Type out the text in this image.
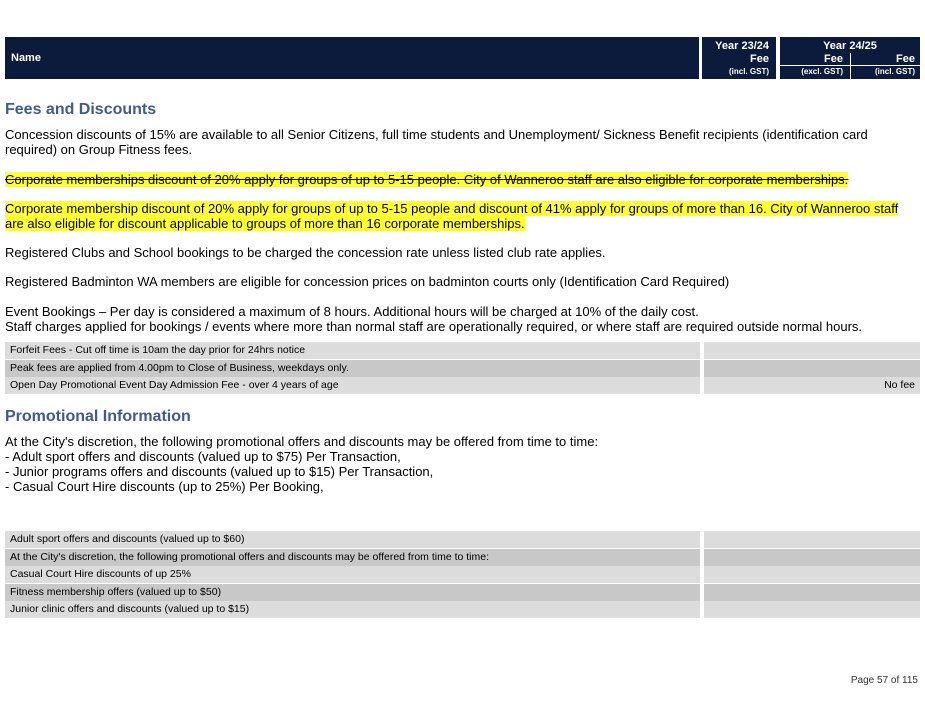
Name
Year 23/24
Fee
(incl. GST)
Year 24/25
Fee
(excl. GST)
Fee
(incl. GST)
Fees and Discounts
Concession discounts of 15% are available to all Senior Citizens, full time students and Unemployment/ Sickness Benefit recipients (identification card required) on Group Fitness fees.
Corporate memberships discount of 20% apply for groups of up to 5-15 people. City of Wanneroo staff are also eligible for corporate memberships.
Corporate membership discount of 20% apply for groups of up to 5-15 people and discount of 41% apply for groups of more than 16. City of Wanneroo staff are also eligible for discount applicable to groups of more than 16 corporate memberships.
Registered Clubs and School bookings to be charged the concession rate unless listed club rate applies.
Registered Badminton WA members are eligible for concession prices on badminton courts only (Identification Card Required)
Event Bookings – Per day is considered a maximum of 8 hours. Additional hours will be charged at 10% of the daily cost.
Staff charges applied for bookings / events where more than normal staff are operationally required, or where staff are required outside normal hours.
Forfeit Fees - Cut off time is 10am the day prior for 24hrs notice
Peak fees are applied from 4.00pm to Close of Business, weekdays only.
Open Day Promotional Event Day Admission Fee - over 4 years of age	No fee
Promotional Information
At the City's discretion, the following promotional offers and discounts may be offered from time to time:
- Adult sport offers and discounts (valued up to $75) Per Transaction,
- Junior programs offers and discounts (valued up to $15) Per Transaction,
- Casual Court Hire discounts (up to 25%) Per Booking,
Adult sport offers and discounts (valued up to $60)
At the City's discretion, the following promotional offers and discounts may be offered from time to time:
Casual Court Hire discounts of up 25%
Fitness membership offers (valued up to $50)
Junior clinic offers and discounts (valued up to $15)
Page 57 of 115
